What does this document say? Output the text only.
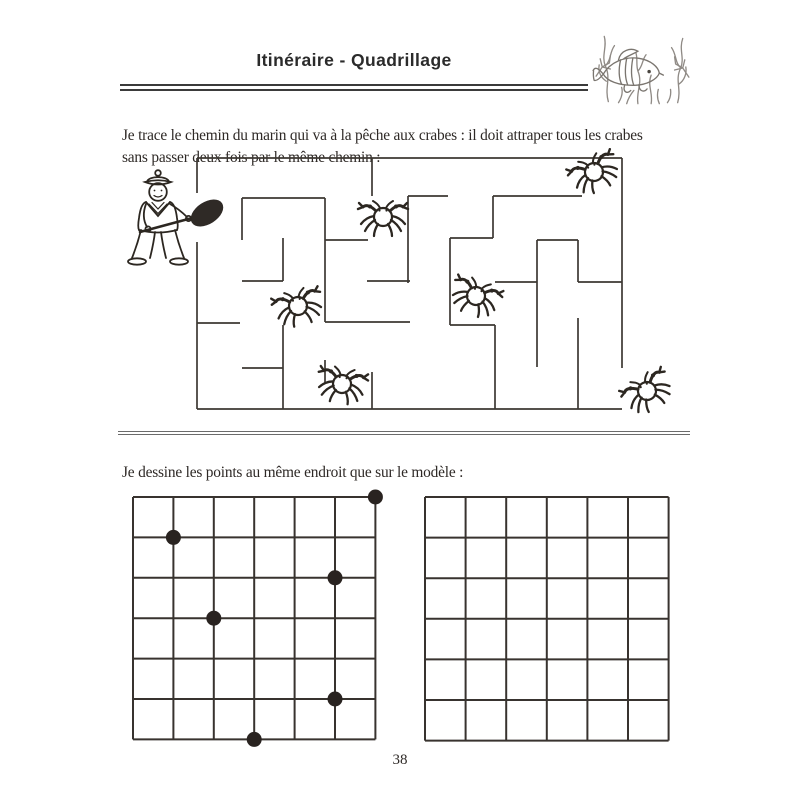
Itinéraire - Quadrillage

Je trace le chemin du marin qui va à la pêche aux crabes : il doit attraper tous les crabes
sans passer deux fois par le même chemin :

Je dessine les points au même endroit que sur le modèle :

38
